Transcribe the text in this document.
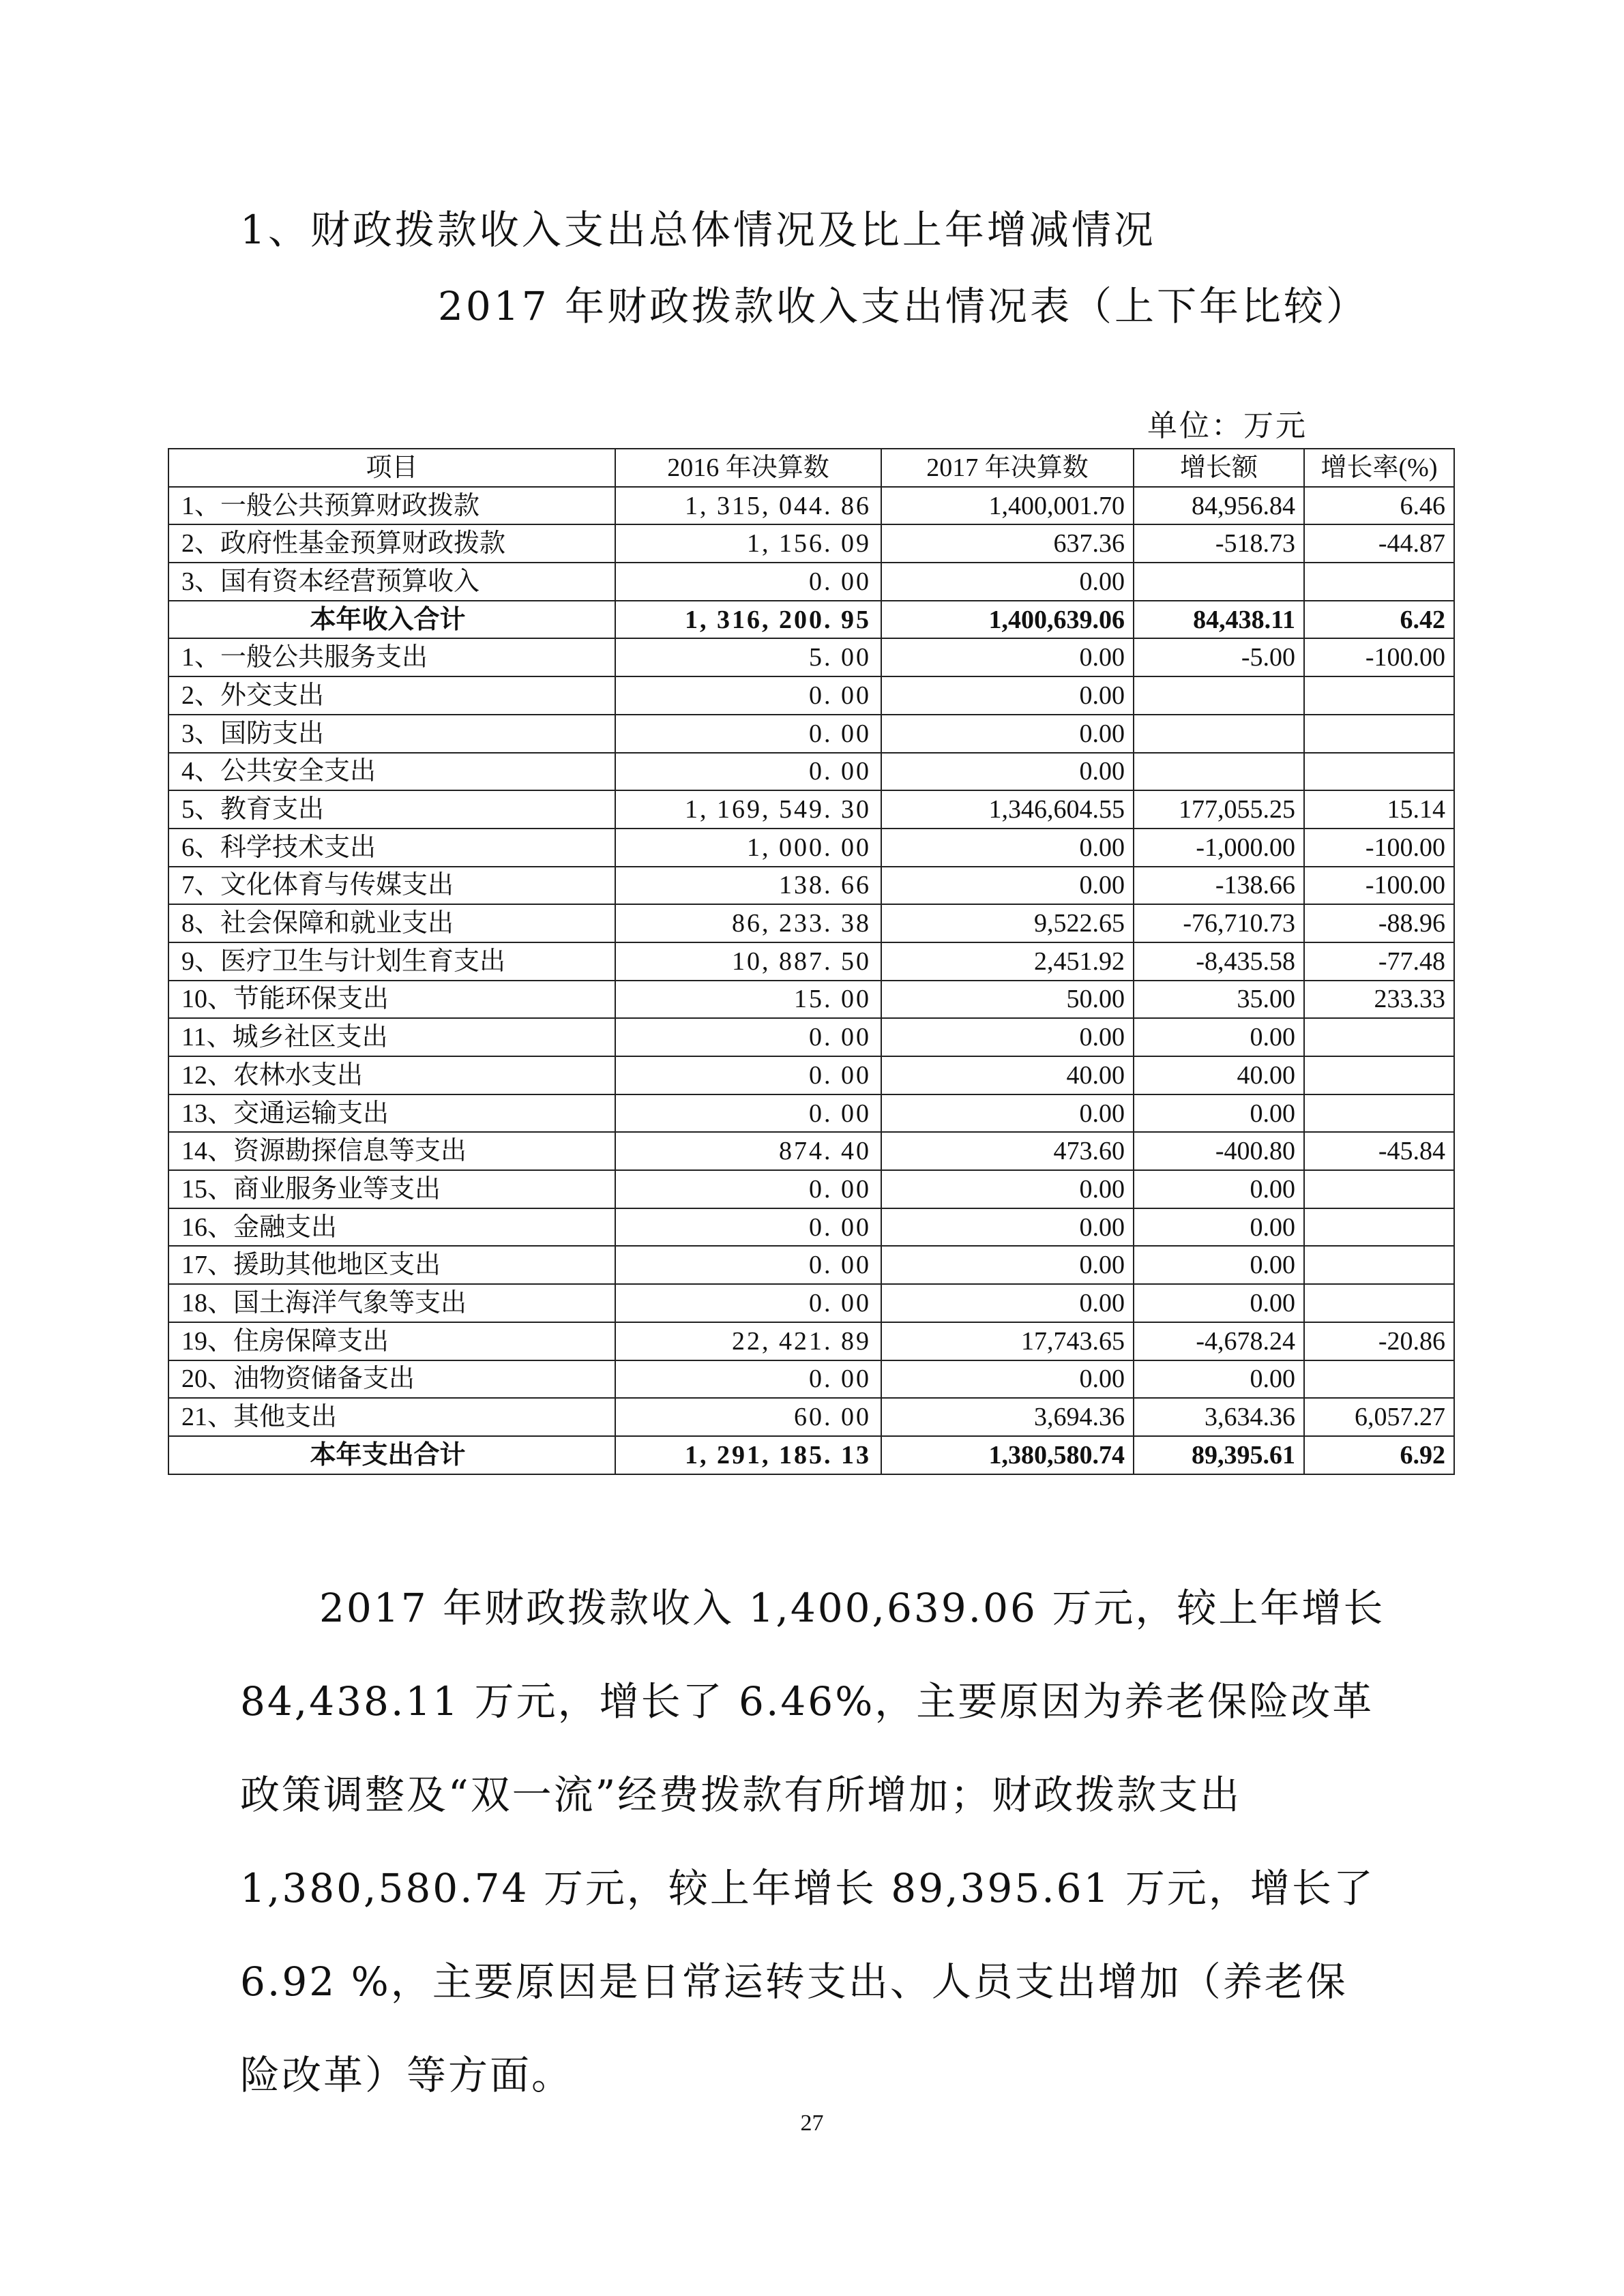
1、财政拨款收入支出总体情况及比上年增减情况
2017 年财政拨款收入支出情况表（上下年比较）
单位：万元
项目	2016 年决算数	2017 年决算数	增长额	增长率(%)
1、一般公共预算财政拨款	1, 315, 044. 86	1,400,001.70	84,956.84	6.46
2、政府性基金预算财政拨款	1, 156. 09	637.36	-518.73	-44.87
3、国有资本经营预算收入	0. 00	0.00		
本年收入合计	1, 316, 200. 95	1,400,639.06	84,438.11	6.42
1、一般公共服务支出	5. 00	0.00	-5.00	-100.00
2、外交支出	0. 00	0.00		
3、国防支出	0. 00	0.00		
4、公共安全支出	0. 00	0.00		
5、教育支出	1, 169, 549. 30	1,346,604.55	177,055.25	15.14
6、科学技术支出	1, 000. 00	0.00	-1,000.00	-100.00
7、文化体育与传媒支出	138. 66	0.00	-138.66	-100.00
8、社会保障和就业支出	86, 233. 38	9,522.65	-76,710.73	-88.96
9、医疗卫生与计划生育支出	10, 887. 50	2,451.92	-8,435.58	-77.48
10、节能环保支出	15. 00	50.00	35.00	233.33
11、城乡社区支出	0. 00	0.00	0.00	
12、农林水支出	0. 00	40.00	40.00	
13、交通运输支出	0. 00	0.00	0.00	
14、资源勘探信息等支出	874. 40	473.60	-400.80	-45.84
15、商业服务业等支出	0. 00	0.00	0.00	
16、金融支出	0. 00	0.00	0.00	
17、援助其他地区支出	0. 00	0.00	0.00	
18、国土海洋气象等支出	0. 00	0.00	0.00	
19、住房保障支出	22, 421. 89	17,743.65	-4,678.24	-20.86
20、油物资储备支出	0. 00	0.00	0.00	
21、其他支出	60. 00	3,694.36	3,634.36	6,057.27
本年支出合计	1, 291, 185. 13	1,380,580.74	89,395.61	6.92

2017 年财政拨款收入 1,400,639.06 万元，较上年增长 84,438.11 万元，增长了 6.46%，主要原因为养老保险改革政策调整及“双一流”经费拨款有所增加；财政拨款支出 1,380,580.74 万元，较上年增长 89,395.61 万元，增长了 6.92 %，主要原因是日常运转支出、人员支出增加（养老保险改革）等方面。

27
